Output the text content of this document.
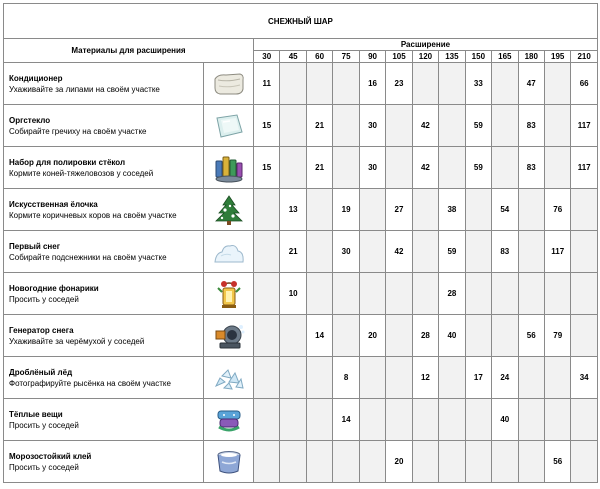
СНЕЖНЫЙ ШАР														
Материалы для расширения		Расширение												
		30	45	60	75	90	105	120	135	150	165	180	195	210

Кондиционер
Ухаживайте за липами на своём участке		11				16	23			33		47		66

Оргстекло
Собирайте гречиху на своём участке		15		21		30		42		59		83		117

Набор для полировки стёкол
Кормите коней-тяжеловозов у соседей		15		21		30		42		59		83		117

Искусственная ёлочка
Кормите коричневых коров на своём участке			13		19		27		38		54		76	

Первый снег
Собирайте подснежники на своём участке			21		30		42		59		83		117	

Новогодние фонарики
Просить у соседей			10						28					

Генератор снега
Ухаживайте за черёмухой у соседей				14		20		28	40			56	79	

Дроблёный лёд
Фотографируйте рысёнка на своём участке					8			12		17	24			34

Тёплые вещи
Просить у соседей					14						40			

Морозостойкий клей
Просить у соседей							20						56	
